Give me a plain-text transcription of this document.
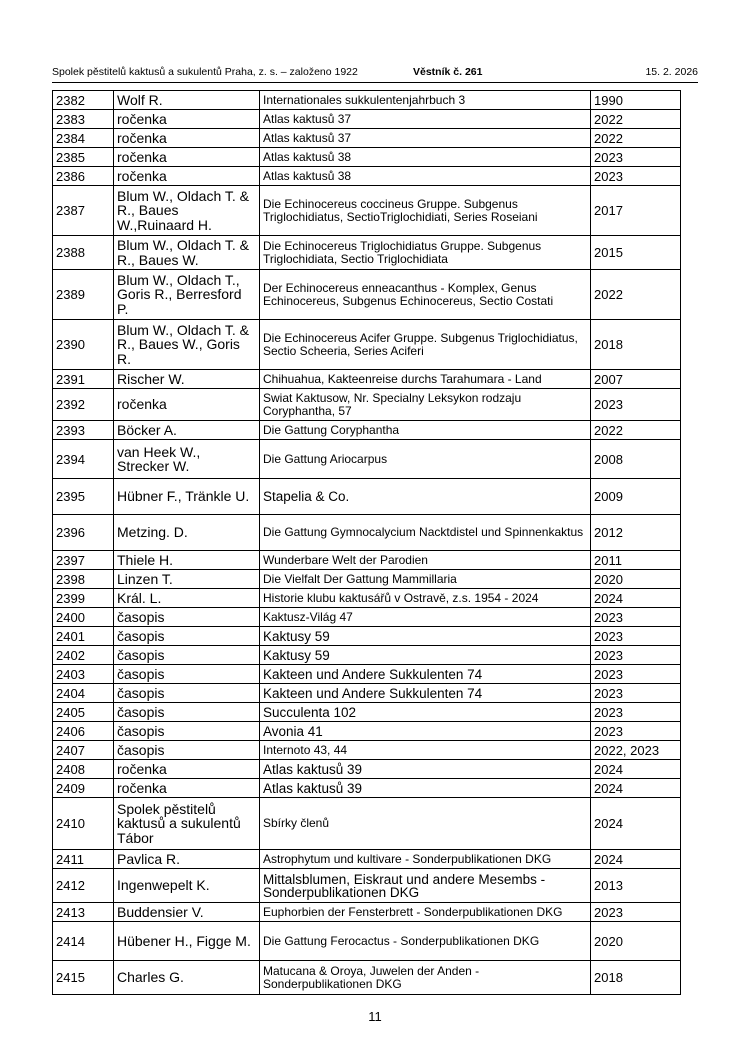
Spolek pěstitelů kaktusů a sukulentů Praha, z. s. – založeno 1922	Věstník č. 261	15. 2. 2026
2382	Wolf R.	Internationales sukkulentenjahrbuch 3	1990
2383	ročenka	Atlas kaktusů 37	2022
2384	ročenka	Atlas kaktusů 37	2022
2385	ročenka	Atlas kaktusů 38	2023
2386	ročenka	Atlas kaktusů 38	2023
2387	Blum W., Oldach T. & R., Baues W.,Ruinaard H.	Die Echinocereus coccineus Gruppe. Subgenus Triglochidiatus, SectioTriglochidiati, Series Roseiani	2017
2388	Blum W., Oldach T. & R., Baues W.	Die Echinocereus Triglochidiatus Gruppe. Subgenus Triglochidiata, Sectio Triglochidiata	2015
2389	Blum W., Oldach T., Goris R., Berresford P.	Der Echinocereus enneacanthus - Komplex, Genus Echinocereus, Subgenus Echinocereus, Sectio Costati	2022
2390	Blum W., Oldach T. & R., Baues W., Goris R.	Die Echinocereus Acifer Gruppe. Subgenus Triglochidiatus, Sectio Scheeria, Series Aciferi	2018
2391	Rischer W.	Chihuahua, Kakteenreise durchs Tarahumara - Land	2007
2392	ročenka	Swiat Kaktusow, Nr. Specialny Leksykon rodzaju Coryphantha, 57	2023
2393	Böcker A.	Die Gattung Coryphantha	2022
2394	van Heek W., Strecker W.	Die Gattung Ariocarpus	2008
2395	Hübner F., Tränkle U.	Stapelia & Co.	2009
2396	Metzing. D.	Die Gattung Gymnocalycium Nacktdistel und Spinnenkaktus	2012
2397	Thiele H.	Wunderbare Welt der Parodien	2011
2398	Linzen T.	Die Vielfalt Der Gattung Mammillaria	2020
2399	Král. L.	Historie klubu kaktusářů v Ostravě, z.s. 1954 - 2024	2024
2400	časopis	Kaktusz-Világ 47	2023
2401	časopis	Kaktusy 59	2023
2402	časopis	Kaktusy 59	2023
2403	časopis	Kakteen und Andere Sukkulenten 74	2023
2404	časopis	Kakteen und Andere Sukkulenten 74	2023
2405	časopis	Succulenta 102	2023
2406	časopis	Avonia 41	2023
2407	časopis	Internoto 43, 44	2022, 2023
2408	ročenka	Atlas kaktusů 39	2024
2409	ročenka	Atlas kaktusů 39	2024
2410	Spolek pěstitelů kaktusů a sukulentů Tábor	Sbírky členů	2024
2411	Pavlica R.	Astrophytum und kultivare - Sonderpublikationen DKG	2024
2412	Ingenwepelt K.	Mittalsblumen, Eiskraut und andere Mesembs - Sonderpublikationen DKG	2013
2413	Buddensier V.	Euphorbien der Fensterbrett - Sonderpublikationen DKG	2023
2414	Hübener H., Figge M.	Die Gattung Ferocactus - Sonderpublikationen DKG	2020
2415	Charles G.	Matucana & Oroya, Juwelen der Anden - Sonderpublikationen DKG	2018
11
